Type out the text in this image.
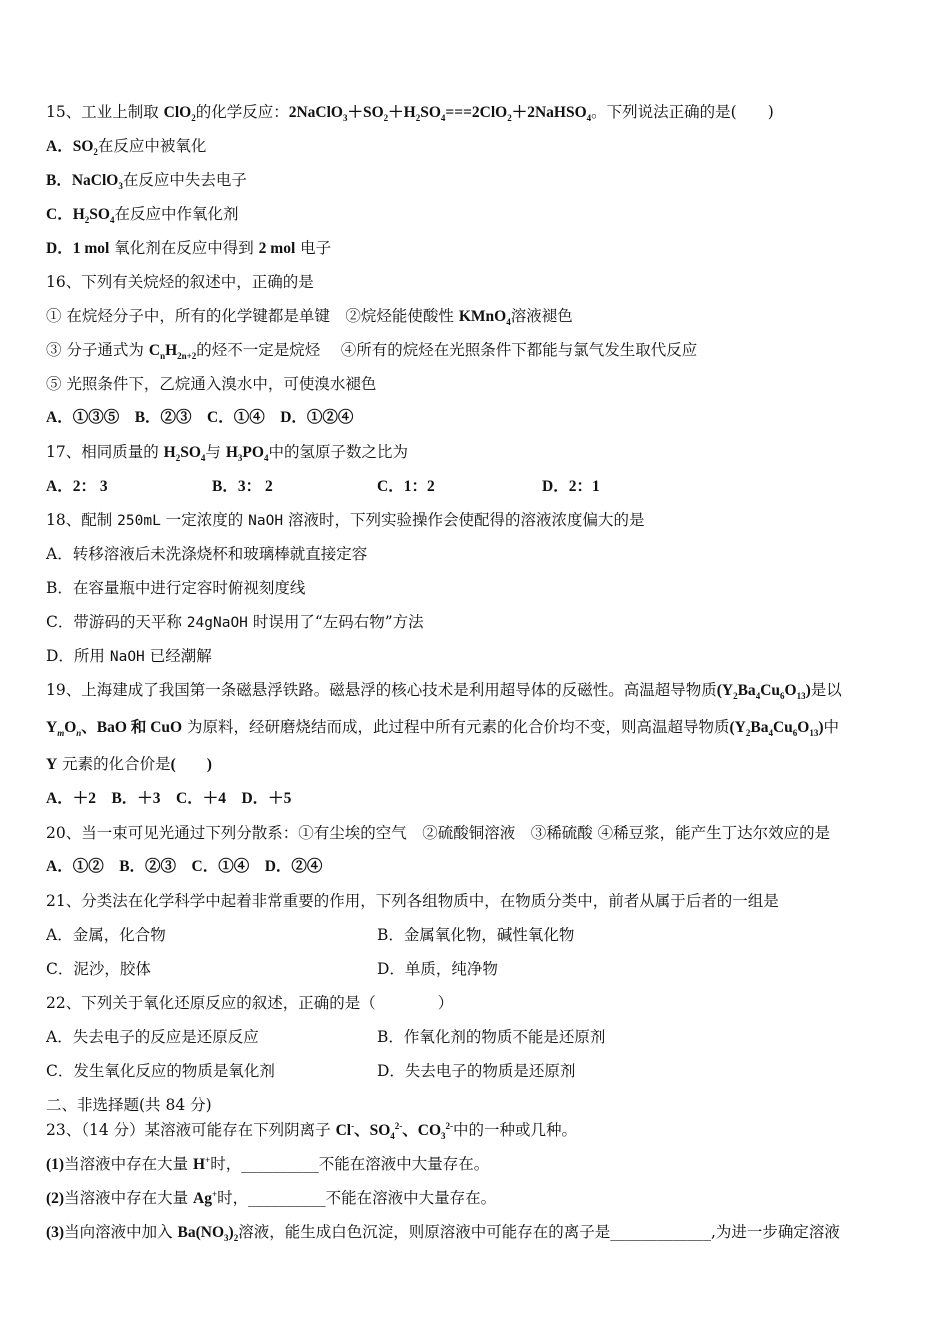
15、工业上制取 ClO$_2$的化学反应：$2NaClO_3+SO_2+H_2SO_4===2ClO_2+2NaHSO_4$。下列说法正确的是(　　)
A．$SO_2$在反应中被氧化
B．NaClO$_3$在反应中失去电子
C．$H_2SO_4$在反应中作氧化剂
D．1 mol 氧化剂在反应中得到 2 mol 电子
16、下列有关烷烃的叙述中，正确的是
① 在烷烃分子中，所有的化学键都是单键　②烷烃能使酸性 KMnO$_4$溶液褪色
③ 分子通式为 $C_nH_{2n+2}$的烃不一定是烷烃　 ④所有的烷烃在光照条件下都能与氯气发生取代反应
⑤ 光照条件下，乙烷通入溴水中，可使溴水褪色
A．①③⑤　B．②③　C．①④　D．①②④
17、相同质量的 $H_2SO_4$与 $H_3PO_4$中的氢原子数之比为
A．2： 3	B．3： 2	C．1：2	D．2：1
18、配制 250mL 一定浓度的 NaOH 溶液时，下列实验操作会使配得的溶液浓度偏大的是
A．转移溶液后未洗涤烧杯和玻璃棒就直接定容
B．在容量瓶中进行定容时俯视刻度线
C．带游码的天平称 24gNaOH 时误用了“左码右物”方法
D．所用 NaOH 已经潮解
19、上海建成了我国第一条磁悬浮铁路。磁悬浮的核心技术是利用超导体的反磁性。高温超导物质$(Y_2Ba_4Cu_6O_{13})$是以
$Y_mO_n$、BaO 和 CuO 为原料，经研磨烧结而成，此过程中所有元素的化合价均不变，则高温超导物质$(Y_2Ba_4Cu_6O_{13})$中
Y 元素的化合价是(　　)
A．＋2　B．＋3　C．＋4　D．＋5
20、当一束可见光通过下列分散系：①有尘埃的空气　②硫酸铜溶液　③稀硫酸 ④稀豆浆，能产生丁达尔效应的是
A．①②　B．②③　C．①④　D．②④
21、分类法在化学科学中起着非常重要的作用，下列各组物质中，在物质分类中，前者从属于后者的一组是
A．金属，化合物	B．金属氧化物，碱性氧化物
C．泥沙，胶体	D．单质，纯净物
22、下列关于氧化还原反应的叙述，正确的是（　　　　）
A．失去电子的反应是还原反应	B．作氧化剂的物质不能是还原剂
C．发生氧化反应的物质是氧化剂	D．失去电子的物质是还原剂
二、非选择题(共 84 分)
23、（14 分）某溶液可能存在下列阴离子 Cl-、$SO_4^{2-}$、$CO_3^{2-}$中的一种或几种。
(1)当溶液中存在大量 H+时，__________不能在溶液中大量存在。
(2)当溶液中存在大量 Ag+时，__________不能在溶液中大量存在。
(3)当向溶液中加入 $Ba(NO_3)_2$溶液，能生成白色沉淀，则原溶液中可能存在的离子是_____________,为进一步确定溶液
